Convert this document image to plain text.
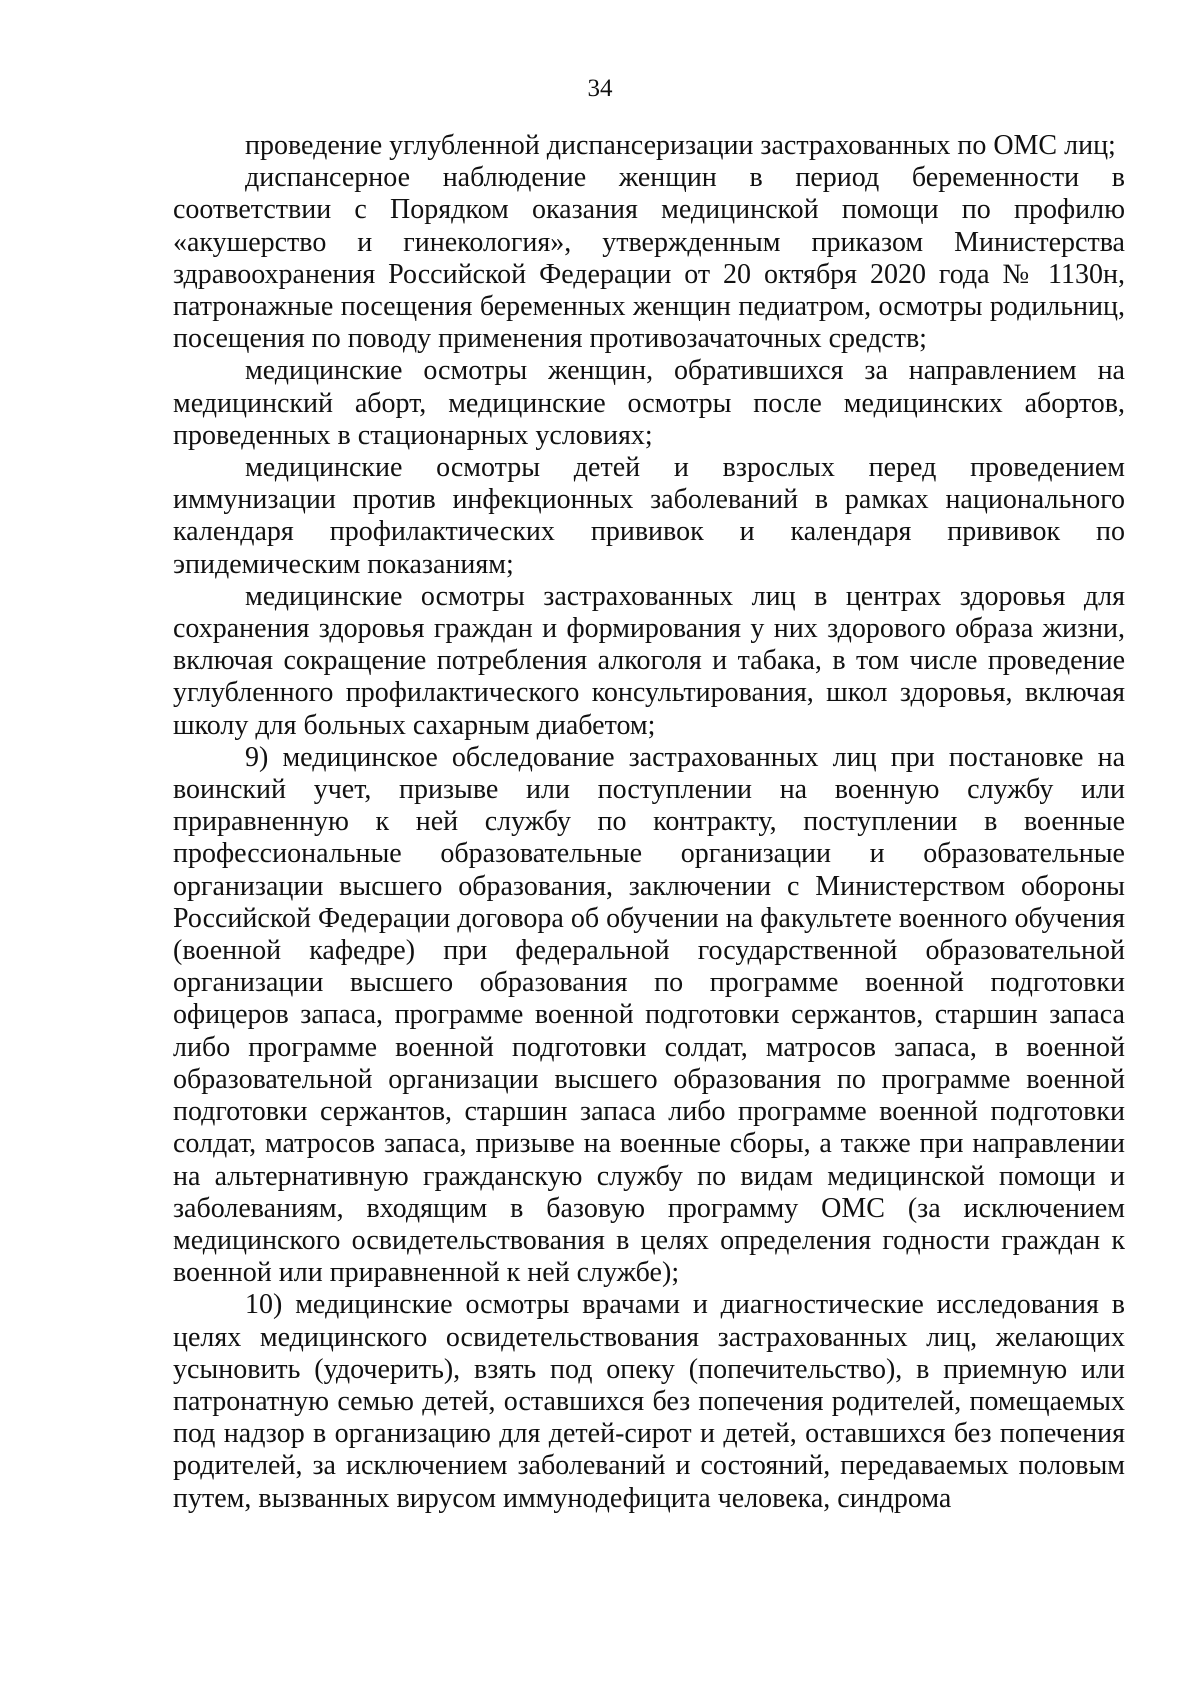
34

проведение углубленной диспансеризации застрахованных по ОМС лиц;

диспансерное наблюдение женщин в период беременности в соответствии с Порядком оказания медицинской помощи по профилю «акушерство и гинекология», утвержденным приказом Министерства здравоохранения Российской Федерации от 20 октября 2020 года № 1130н, патронажные посещения беременных женщин педиатром, осмотры родильниц, посещения по поводу применения противозачаточных средств;

медицинские осмотры женщин, обратившихся за направлением на медицинский аборт, медицинские осмотры после медицинских абортов, проведенных в стационарных условиях;

медицинские осмотры детей и взрослых перед проведением иммунизации против инфекционных заболеваний в рамках национального календаря профилактических прививок и календаря прививок по эпидемическим показаниям;

медицинские осмотры застрахованных лиц в центрах здоровья для сохранения здоровья граждан и формирования у них здорового образа жизни, включая сокращение потребления алкоголя и табака, в том числе проведение углубленного профилактического консультирования, школ здоровья, включая школу для больных сахарным диабетом;

9) медицинское обследование застрахованных лиц при постановке на воинский учет, призыве или поступлении на военную службу или приравненную к ней службу по контракту, поступлении в военные профессиональные образовательные организации и образовательные организации высшего образования, заключении с Министерством обороны Российской Федерации договора об обучении на факультете военного обучения (военной кафедре) при федеральной государственной образовательной организации высшего образования по программе военной подготовки офицеров запаса, программе военной подготовки сержантов, старшин запаса либо программе военной подготовки солдат, матросов запаса, в военной образовательной организации высшего образования по программе военной подготовки сержантов, старшин запаса либо программе военной подготовки солдат, матросов запаса, призыве на военные сборы, а также при направлении на альтернативную гражданскую службу по видам медицинской помощи и заболеваниям, входящим в базовую программу ОМС (за исключением медицинского освидетельствования в целях определения годности граждан к военной или приравненной к ней службе);

10) медицинские осмотры врачами и диагностические исследования в целях медицинского освидетельствования застрахованных лиц, желающих усыновить (удочерить), взять под опеку (попечительство), в приемную или патронатную семью детей, оставшихся без попечения родителей, помещаемых под надзор в организацию для детей-сирот и детей, оставшихся без попечения родителей, за исключением заболеваний и состояний, передаваемых половым путем, вызванных вирусом иммунодефицита человека, синдрома
